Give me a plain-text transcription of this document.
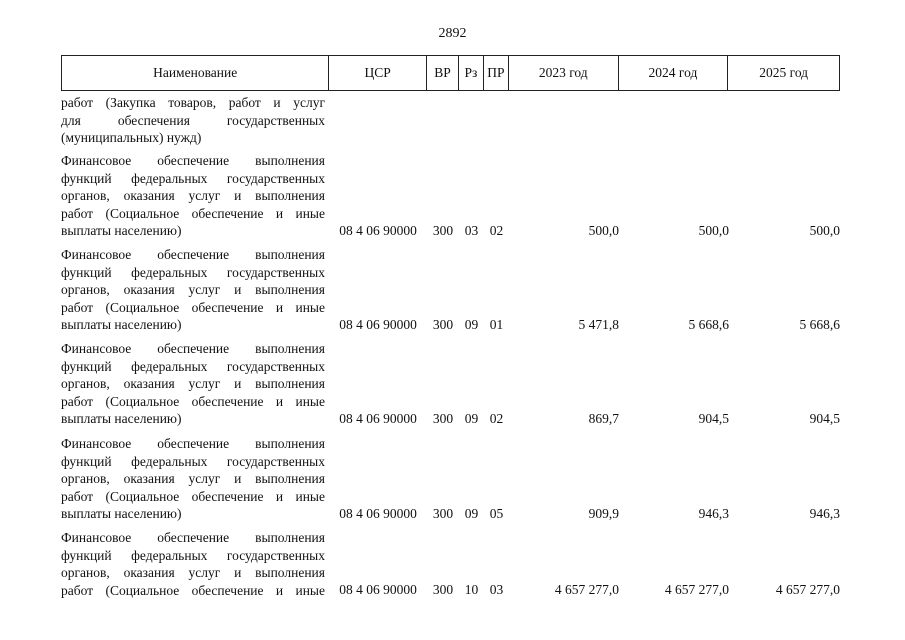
2892
Наименование	ЦСР	ВР	Рз ПР	2023 год	2024 год	2025 год
работ (Закупка товаров, работ и услуг
для обеспечения государственных
(муниципальных) нужд)
Финансовое обеспечение выполнения
функций федеральных государственных
органов, оказания услуг и выполнения
работ (Социальное обеспечение и иные
выплаты населению)	08 4 06 90000	300 03 02	500,0	500,0	500,0
Финансовое обеспечение выполнения
функций федеральных государственных
органов, оказания услуг и выполнения
работ (Социальное обеспечение и иные
выплаты населению)	08 4 06 90000	300 09 01	5 471,8	5 668,6	5 668,6
Финансовое обеспечение выполнения
функций федеральных государственных
органов, оказания услуг и выполнения
работ (Социальное обеспечение и иные
выплаты населению)	08 4 06 90000	300 09 02	869,7	904,5	904,5
Финансовое обеспечение выполнения
функций федеральных государственных
органов, оказания услуг и выполнения
работ (Социальное обеспечение и иные
выплаты населению)	08 4 06 90000	300 09 05	909,9	946,3	946,3
Финансовое обеспечение выполнения
функций федеральных государственных
органов, оказания услуг и выполнения
работ (Социальное обеспечение и иные	08 4 06 90000	300 10 03	4 657 277,0	4 657 277,0	4 657 277,0
